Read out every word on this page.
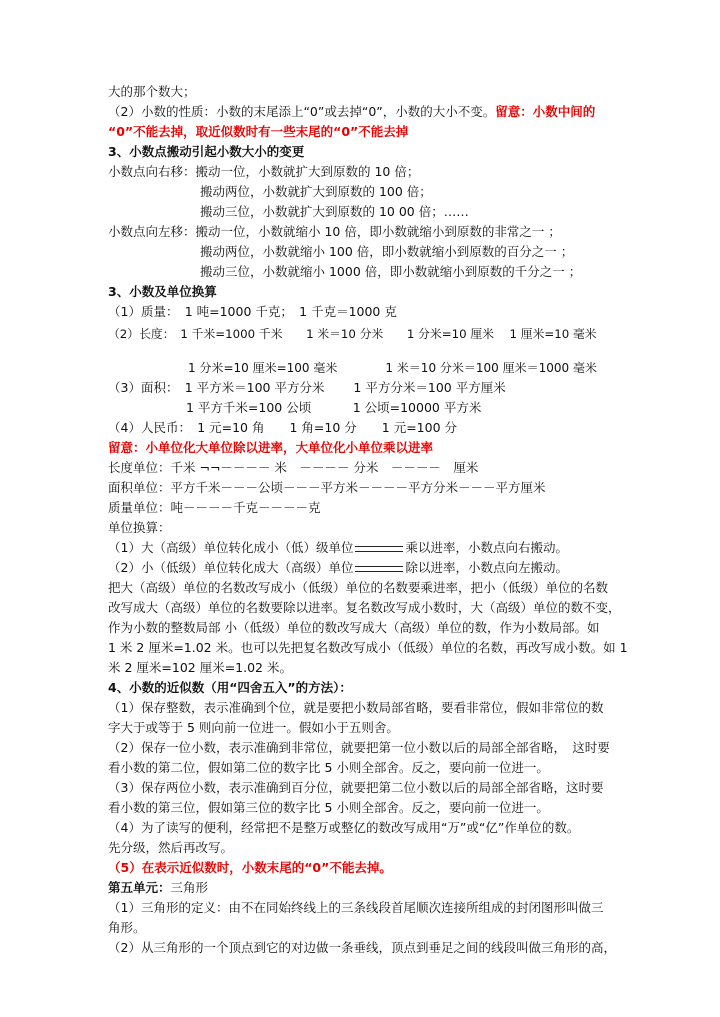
大的那个数大；
（2）小数的性质：小数的末尾添上“0”或去掉“0”，小数的大小不变。留意：小数中间的
“0”不能去掉，取近似数时有一些末尾的“0”不能去掉
3、小数点搬动引起小数大小的变更
小数点向右移：搬动一位，小数就扩大到原数的 10 倍；
搬动两位，小数就扩大到原数的 100 倍；
搬动三位，小数就扩大到原数的 10 00 倍；……
小数点向左移：搬动一位，小数就缩小 10 倍，即小数就缩小到原数的非常之一 ；
搬动两位，小数就缩小 100 倍，即小数就缩小到原数的百分之一 ；
搬动三位，小数就缩小 1000 倍，即小数就缩小到原数的千分之一 ；
3、小数及单位换算
（1）质量：　1 吨=1000 千克；　1 千克＝1000 克
（2）长度：　1 千米=1000 千米　　1 米＝10 分米　　1 分米=10 厘米　 1 厘米=10 毫米
1 分米=10 厘米=100 毫米　　　　1 米＝10 分米＝100 厘米＝1000 毫米
（3）面积：　1 平方米＝100 平方分米　　 1 平方分米＝100 平方厘米
1 平方千米=100 公顷　　　 1 公顷=10000 平方米
（4）人民币：　1 元=10 角　　1 角=10 分　　1 元=100 分
留意：小单位化大单位除以进率，大单位化小单位乘以进率
长度单位：千米 ¬¬－－－－ 米　－－－－ 分米　－－－－　厘米
面积单位：平方千米－－－公顷－－－平方米－－－－平方分米－－－平方厘米
质量单位：吨－－－－千克－－－－克
单位换算：
（1）大（高级）单位转化成小（低）级单位	乘以进率，小数点向右搬动。
（2）小（低级）单位转化成大（高级）单位	除以进率，小数点向左搬动。
把大（高级）单位的名数改写成小（低级）单位的名数要乘进率，把小（低级）单位的名数
改写成大（高级）单位的名数要除以进率。复名数改写成小数时，大（高级）单位的数不变，
作为小数的整数局部 小（低级）单位的数改写成大（高级）单位的数，作为小数局部。如
1 米 2 厘米=1.02 米。也可以先把复名数改写成小（低级）单位的名数，再改写成小数。如 1
米 2 厘米=102 厘米=1.02 米。
4、小数的近似数（用“四舍五入”的方法）：
（1）保存整数，表示准确到个位，就是要把小数局部省略，要看非常位，假如非常位的数
字大于或等于 5 则向前一位进一。假如小于五则舍。
（2）保存一位小数，表示准确到非常位，就要把第一位小数以后的局部全部省略，　这时要
看小数的第二位，假如第二位的数字比 5 小则全部舍。反之，要向前一位进一。
（3）保存两位小数，表示准确到百分位，就要把第二位小数以后的局部全部省略，这时要
看小数的第三位，假如第三位的数字比 5 小则全部舍。反之，要向前一位进一。
（4）为了读写的便利，经常把不是整万或整亿的数改写成用“万”或“亿”作单位的数。
先分级，然后再改写。
（5）在表示近似数时，小数末尾的“0”不能去掉。
第五单元：三角形
（1）三角形的定义：由不在同始终线上的三条线段首尾顺次连接所组成的封闭图形叫做三
角形。
（2）从三角形的一个顶点到它的对边做一条垂线，顶点到垂足之间的线段叫做三角形的高，
